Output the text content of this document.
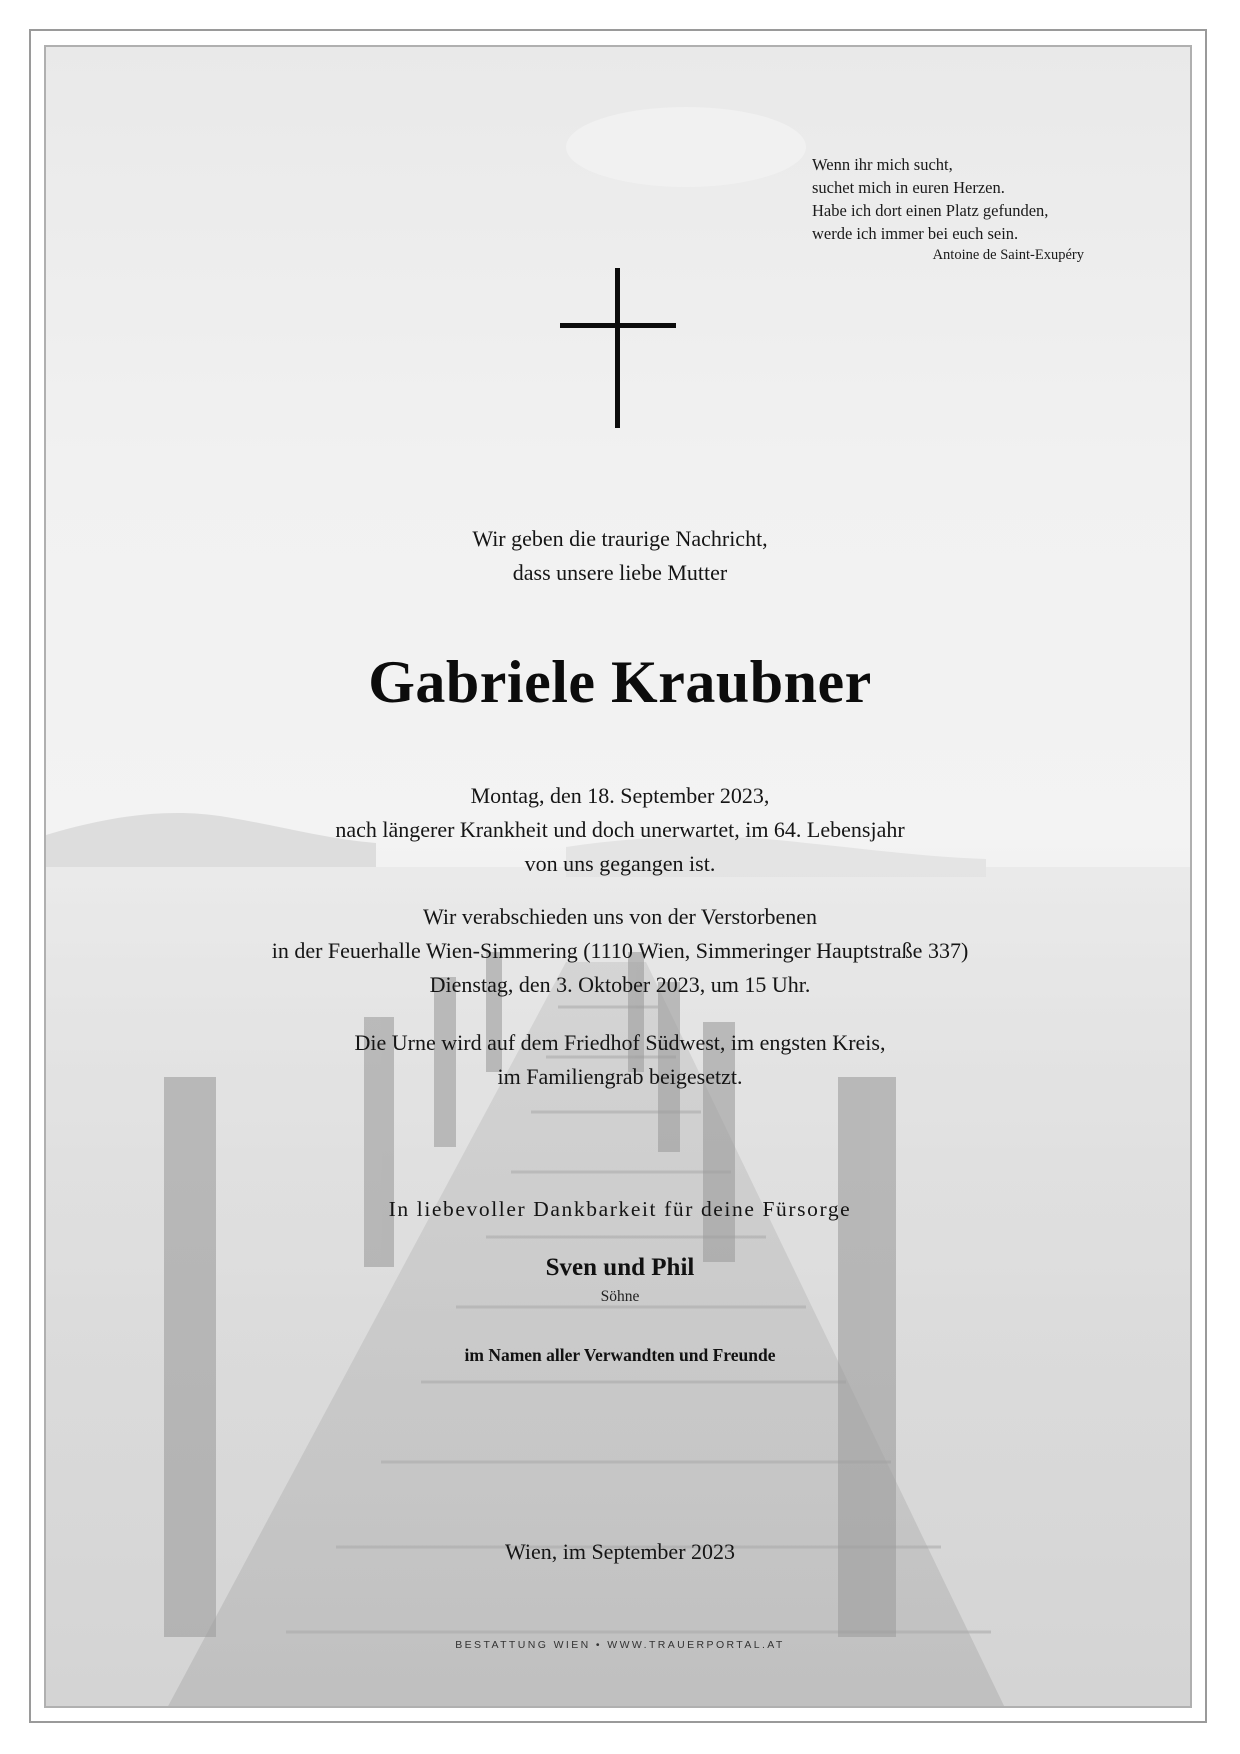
Wenn ihr mich sucht,
suchet mich in euren Herzen.
Habe ich dort einen Platz gefunden,
werde ich immer bei euch sein.
Antoine de Saint-Exupéry
Wir geben die traurige Nachricht,
dass unsere liebe Mutter
Gabriele Kraubner
Montag, den 18. September 2023,
nach längerer Krankheit und doch unerwartet, im 64. Lebensjahr
von uns gegangen ist.
Wir verabschieden uns von der Verstorbenen
in der Feuerhalle Wien-Simmering (1110 Wien, Simmeringer Hauptstraße 337)
Dienstag, den 3. Oktober 2023, um 15 Uhr.
Die Urne wird auf dem Friedhof Südwest, im engsten Kreis,
im Familiengrab beigesetzt.
In liebevoller Dankbarkeit für deine Fürsorge
Sven und Phil
Söhne
im Namen aller Verwandten und Freunde
Wien, im September 2023
BESTATTUNG WIEN • WWW.TRAUERPORTAL.AT
